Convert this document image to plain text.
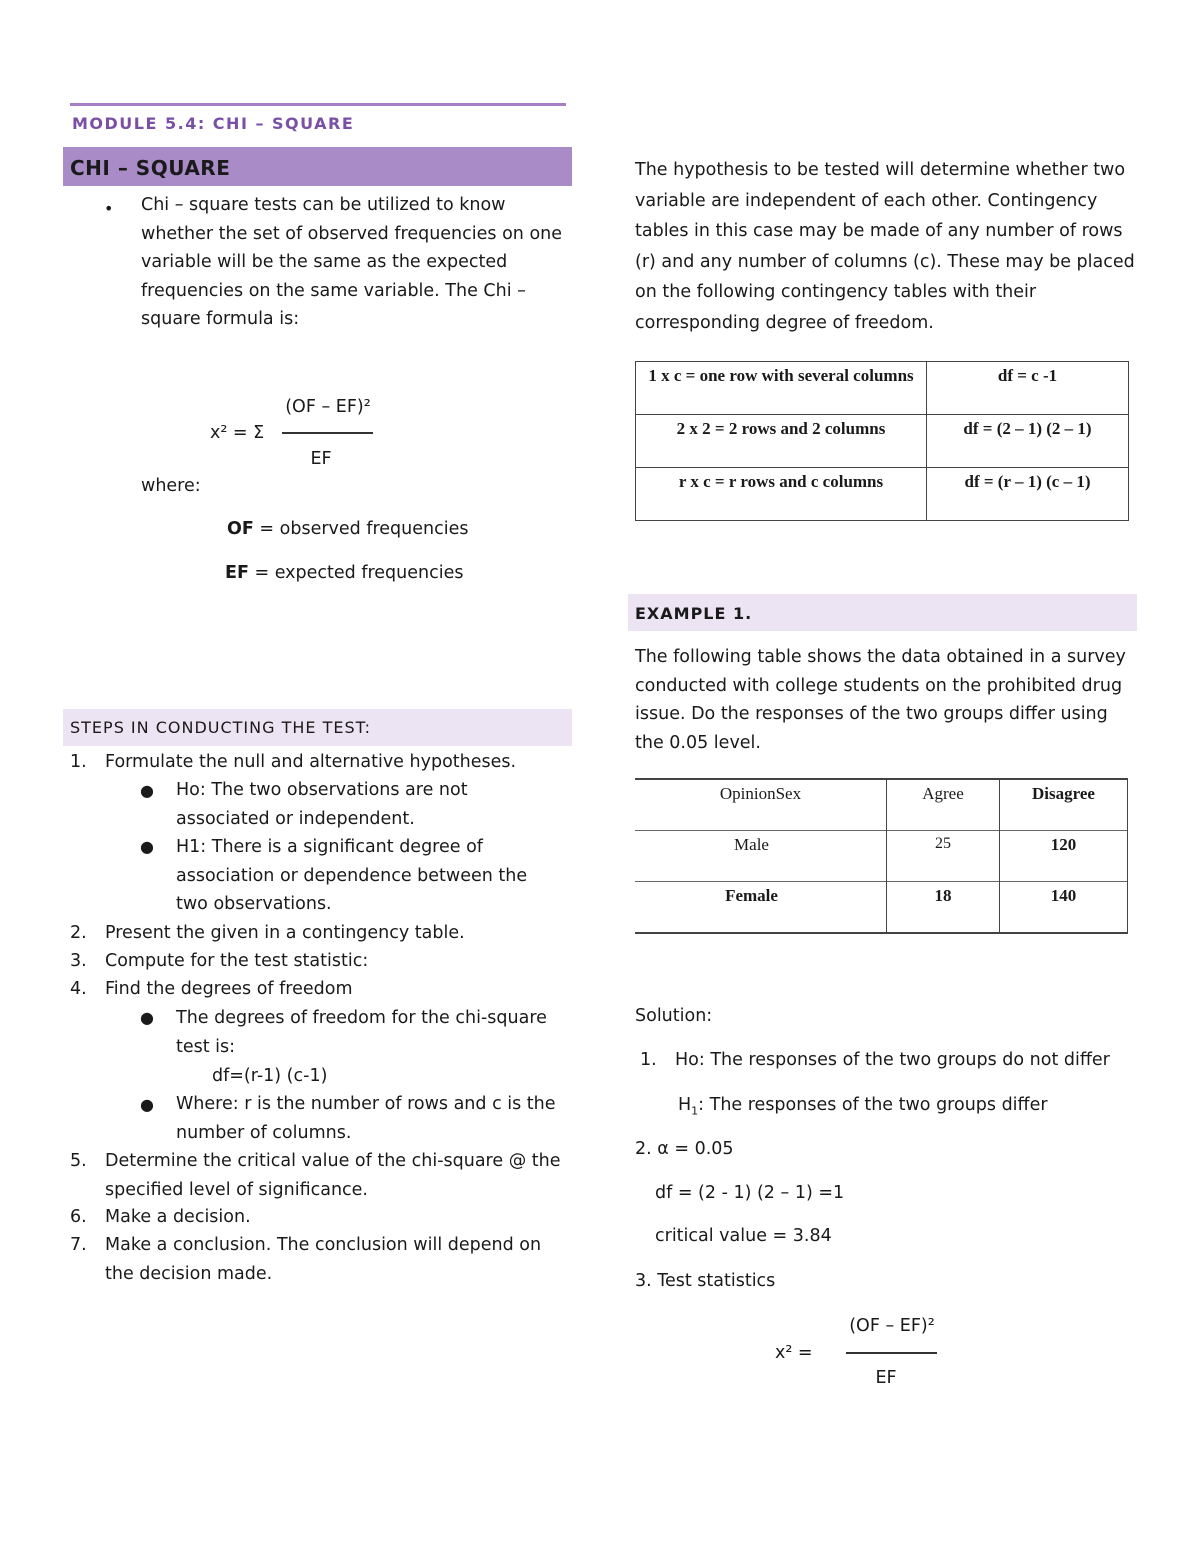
MODULE 5.4: CHI – SQUARE
CHI – SQUARE
• Chi – square tests can be utilized to know whether the set of observed frequencies on one variable will be the same as the expected frequencies on the same variable. The Chi – square formula is:
x² = Σ
(OF – EF)²
EF
where:
OF = observed frequencies
EF = expected frequencies
STEPS IN CONDUCTING THE TEST:
1. Formulate the null and alternative hypotheses.
● Ho: The two observations are not associated or independent.
● H1: There is a significant degree of association or dependence between the two observations.
2. Present the given in a contingency table.
3. Compute for the test statistic:
4. Find the degrees of freedom
● The degrees of freedom for the chi-square test is:
df=(r-1) (c-1)
● Where: r is the number of rows and c is the number of columns.
5. Determine the critical value of the chi-square @ the specified level of significance.
6. Make a decision.
7. Make a conclusion. The conclusion will depend on the decision made.
The hypothesis to be tested will determine whether two variable are independent of each other. Contingency tables in this case may be made of any number of rows (r) and any number of columns (c). These may be placed on the following contingency tables with their corresponding degree of freedom.
1 x c = one row with several columns	df = c -1
2 x 2 = 2 rows and 2 columns	df = (2 – 1) (2 – 1)
r x c = r rows and c columns	df = (r – 1) (c – 1)
EXAMPLE 1.
The following table shows the data obtained in a survey conducted with college students on the prohibited drug issue. Do the responses of the two groups differ using the 0.05 level.
OpinionSex	Agree	Disagree
Male	25	120
Female	18	140
Solution:
1. Ho: The responses of the two groups do not differ
$H_1$: The responses of the two groups differ
2. α = 0.05
df = (2 - 1) (2 – 1) =1
critical value = 3.84
3. Test statistics
x² =
(OF – EF)²
EF
